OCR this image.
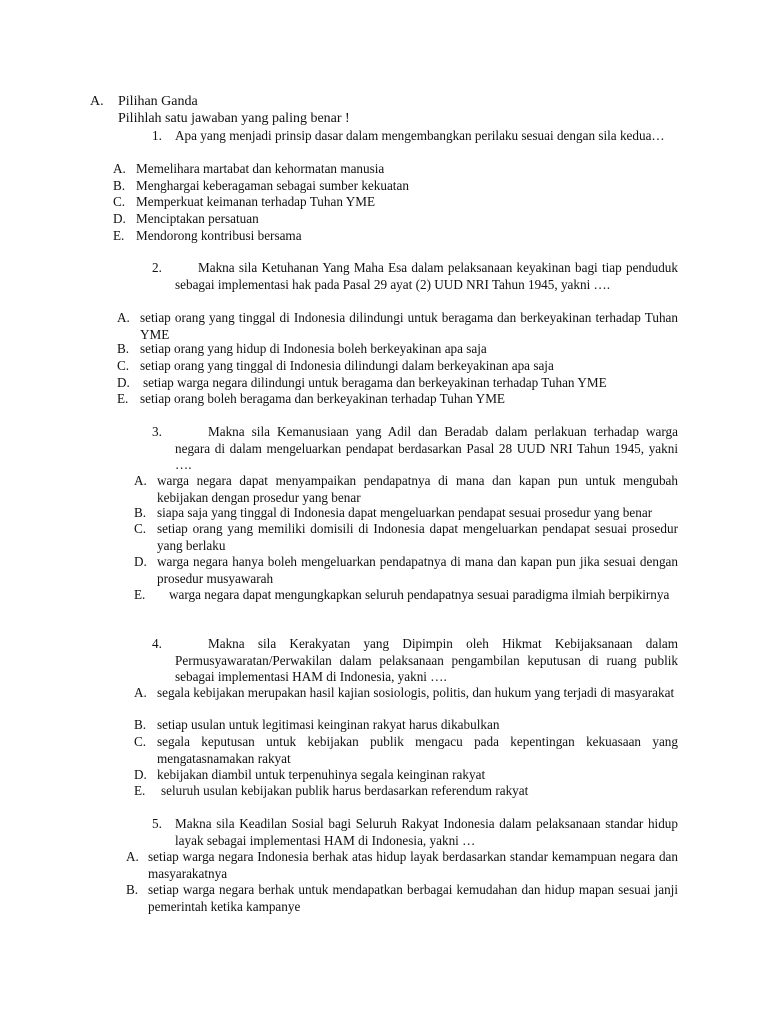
A. Pilihan Ganda
Pilihlah satu jawaban yang paling benar !
1. Apa yang menjadi prinsip dasar dalam mengembangkan perilaku sesuai dengan sila kedua…
A. Memelihara martabat dan kehormatan manusia
B. Menghargai keberagaman sebagai sumber kekuatan
C. Memperkuat keimanan terhadap Tuhan YME
D. Menciptakan persatuan
E. Mendorong kontribusi bersama
2.	Makna sila Ketuhanan Yang Maha Esa dalam pelaksanaan keyakinan bagi tiap penduduk sebagai implementasi hak pada Pasal 29 ayat (2) UUD NRI Tahun 1945, yakni ….
A. setiap orang yang tinggal di Indonesia dilindungi untuk beragama dan berkeyakinan terhadap Tuhan YME
B. setiap orang yang hidup di Indonesia boleh berkeyakinan apa saja
C. setiap orang yang tinggal di Indonesia dilindungi dalam berkeyakinan apa saja
D. setiap warga negara dilindungi untuk beragama dan berkeyakinan terhadap Tuhan YME
E. setiap orang boleh beragama dan berkeyakinan terhadap Tuhan YME
3.	Makna sila Kemanusiaan yang Adil dan Beradab dalam perlakuan terhadap warga negara di dalam mengeluarkan pendapat berdasarkan Pasal 28 UUD NRI Tahun 1945, yakni ….
A. warga negara dapat menyampaikan pendapatnya di mana dan kapan pun untuk mengubah kebijakan dengan prosedur yang benar
B. siapa saja yang tinggal di Indonesia dapat mengeluarkan pendapat sesuai prosedur yang benar
C. setiap orang yang memiliki domisili di Indonesia dapat mengeluarkan pendapat sesuai prosedur yang berlaku
D. warga negara hanya boleh mengeluarkan pendapatnya di mana dan kapan pun jika sesuai dengan prosedur musyawarah
E.	warga negara dapat mengungkapkan seluruh pendapatnya sesuai paradigma ilmiah berpikirnya
4.	Makna sila Kerakyatan yang Dipimpin oleh Hikmat Kebijaksanaan dalam Permusyawaratan/Perwakilan dalam pelaksanaan pengambilan keputusan di ruang publik sebagai implementasi HAM di Indonesia, yakni ….
A. segala kebijakan merupakan hasil kajian sosiologis, politis, dan hukum yang terjadi di masyarakat
B. setiap usulan untuk legitimasi keinginan rakyat harus dikabulkan
C. segala keputusan untuk kebijakan publik mengacu pada kepentingan kekuasaan yang mengatasnamakan rakyat
D. kebijakan diambil untuk terpenuhinya segala keinginan rakyat
E. seluruh usulan kebijakan publik harus berdasarkan referendum rakyat
5. Makna sila Keadilan Sosial bagi Seluruh Rakyat Indonesia dalam pelaksanaan standar hidup layak sebagai implementasi HAM di Indonesia, yakni …
A. setiap warga negara Indonesia berhak atas hidup layak berdasarkan standar kemampuan negara dan masyarakatnya
B. setiap warga negara berhak untuk mendapatkan berbagai kemudahan dan hidup mapan sesuai janji pemerintah ketika kampanye
